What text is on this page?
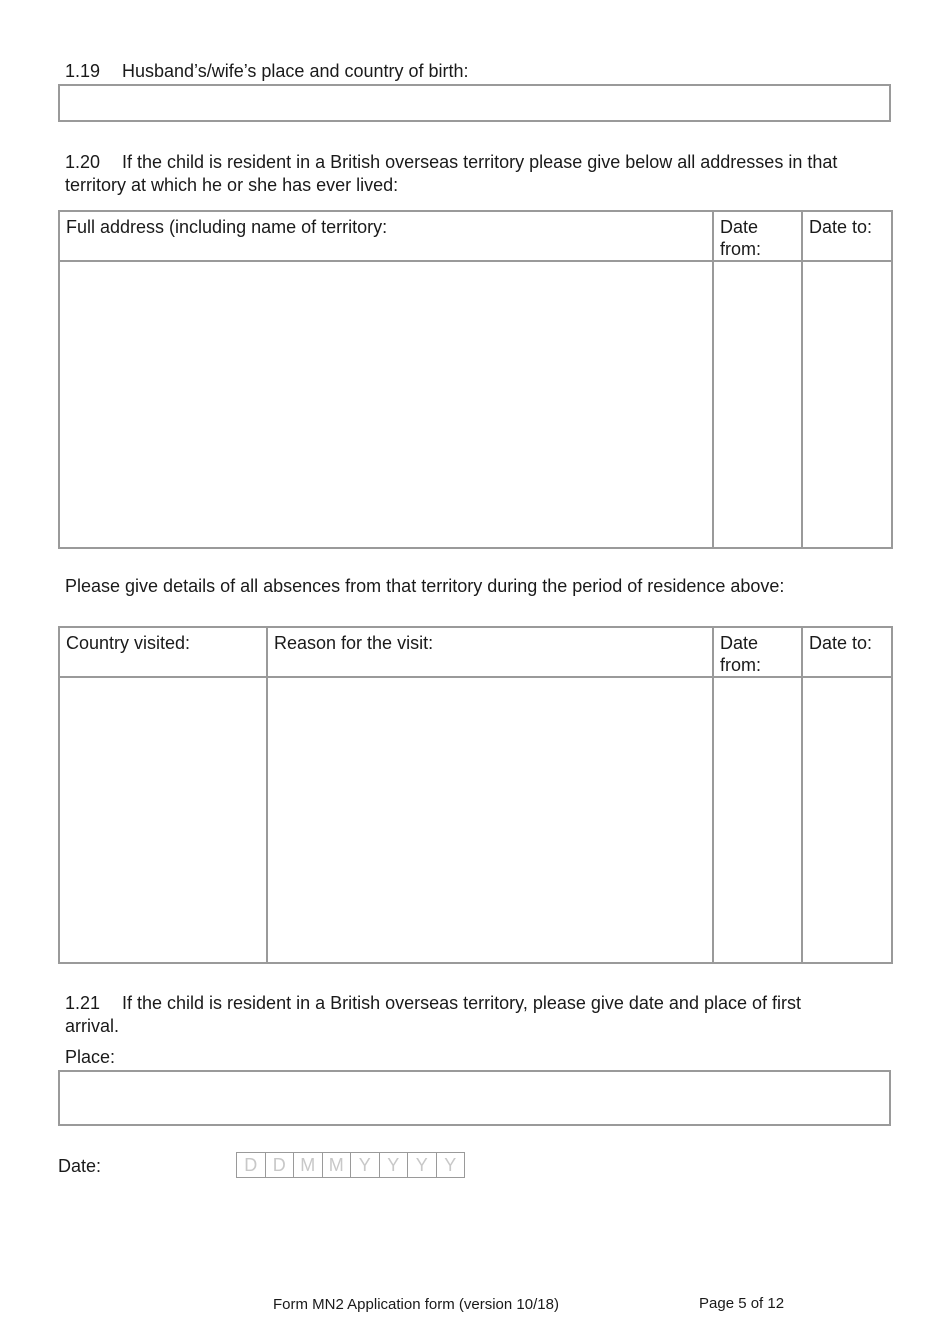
1.19 Husband’s/wife’s place and country of birth:
1.20 If the child is resident in a British overseas territory please give below all addresses in that
territory at which he or she has ever lived:
Full address (including name of territory:	Date from:	Date to:

Please give details of all absences from that territory during the period of residence above:
Country visited:	Reason for the visit:	Date from:	Date to:

1.21 If the child is resident in a British overseas territory, please give date and place of first
arrival.
Place:
Date:	D D M M Y Y Y Y
Form MN2 Application form (version 10/18)	Page 5 of 12
